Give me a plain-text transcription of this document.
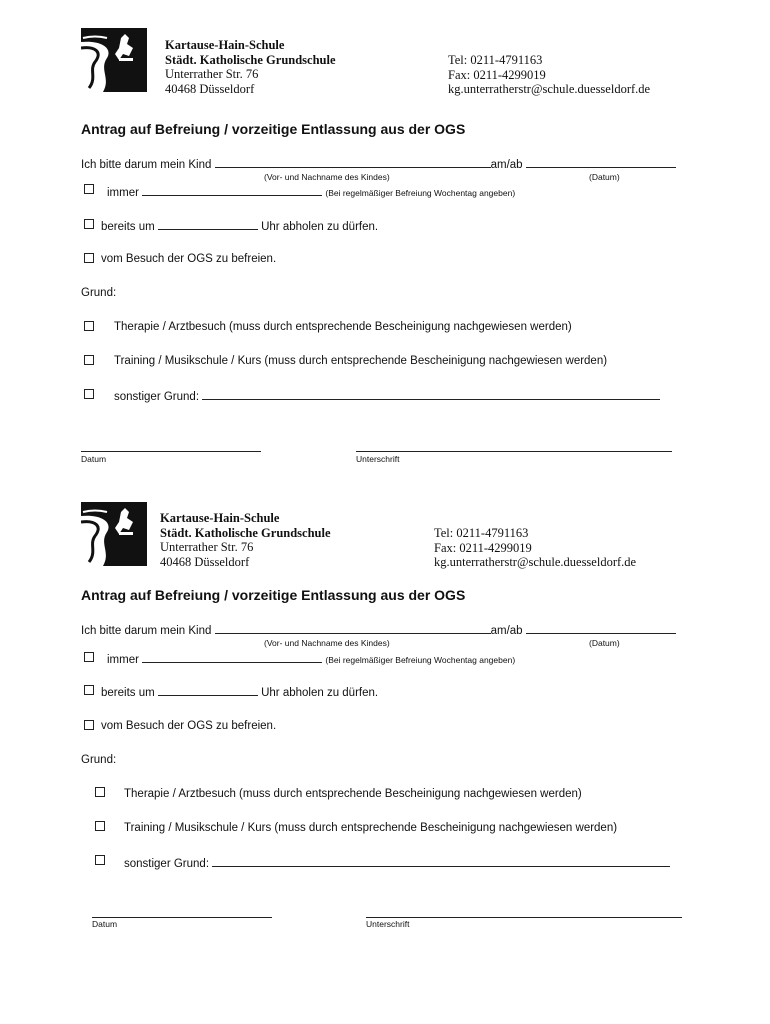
Kartause-Hain-Schule
Städt. Katholische Grundschule
Unterrather Str. 76
40468 Düsseldorf
Tel: 0211-4791163
Fax: 0211-4299019
kg.unterratherstr@schule.duesseldorf.de
Antrag auf Befreiung / vorzeitige Entlassung aus der OGS
Ich bitte darum mein Kind	am/ab
(Vor- und Nachname des Kindes)	(Datum)
immer	(Bei regelmäßiger Befreiung Wochentag angeben)
bereits um	Uhr abholen zu dürfen.
vom Besuch der OGS zu befreien.
Grund:
Therapie / Arztbesuch (muss durch entsprechende Bescheinigung nachgewiesen werden)
Training / Musikschule / Kurs (muss durch entsprechende Bescheinigung nachgewiesen werden)
sonstiger Grund:
Datum	Unterschrift
Kartause-Hain-Schule
Städt. Katholische Grundschule
Unterrather Str. 76
40468 Düsseldorf
Tel: 0211-4791163
Fax: 0211-4299019
kg.unterratherstr@schule.duesseldorf.de
Antrag auf Befreiung / vorzeitige Entlassung aus der OGS
Ich bitte darum mein Kind	am/ab
(Vor- und Nachname des Kindes)	(Datum)
immer	(Bei regelmäßiger Befreiung Wochentag angeben)
bereits um	Uhr abholen zu dürfen.
vom Besuch der OGS zu befreien.
Grund:
Therapie / Arztbesuch (muss durch entsprechende Bescheinigung nachgewiesen werden)
Training / Musikschule / Kurs (muss durch entsprechende Bescheinigung nachgewiesen werden)
sonstiger Grund:
Datum	Unterschrift
